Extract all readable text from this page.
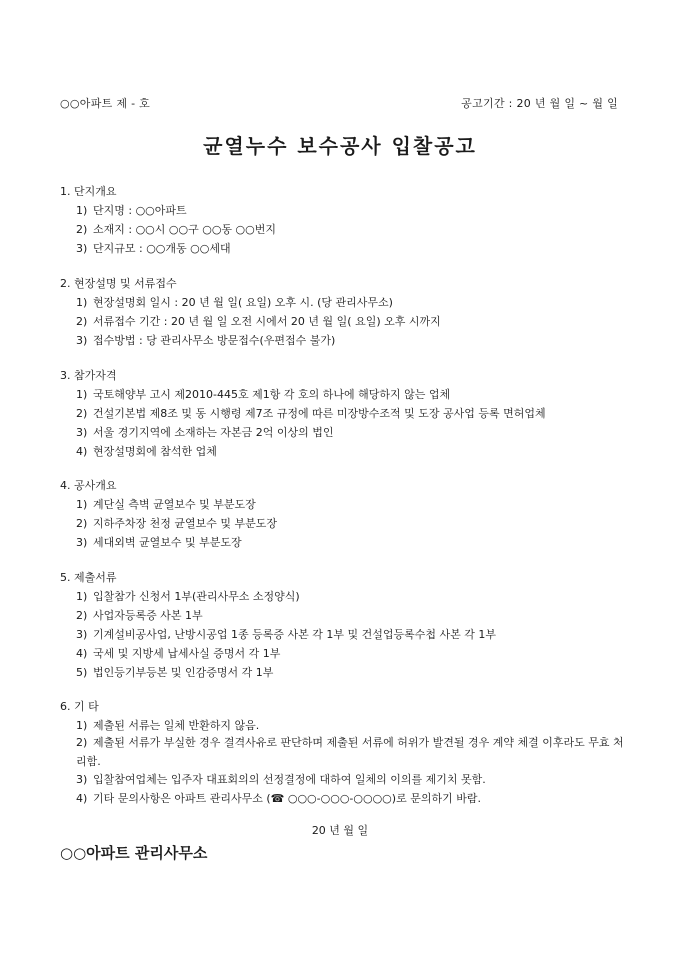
○○아파트 제 - 호	공고기간 : 20 년 월 일 ~ 월 일
균열누수 보수공사 입찰공고
1. 단지개요
1) 단지명 : ○○아파트
2) 소재지 : ○○시 ○○구 ○○동 ○○번지
3) 단지규모 : ○○개동 ○○세대
2. 현장설명 및 서류접수
1) 현장설명회 일시 : 20 년 월 일( 요일) 오후 시. (당 관리사무소)
2) 서류접수 기간 : 20 년 월 일 오전 시에서 20 년 월 일( 요일) 오후 시까지
3) 접수방법 : 당 관리사무소 방문접수(우편접수 불가)
3. 참가자격
1) 국토해양부 고시 제2010-445호 제1항 각 호의 하나에 해당하지 않는 업체
2) 건설기본법 제8조 및 동 시행령 제7조 규정에 따른 미장방수조적 및 도장 공사업 등록 면허업체
3) 서울 경기지역에 소재하는 자본금 2억 이상의 법인
4) 현장설명회에 참석한 업체
4. 공사개요
1) 계단실 측벽 균열보수 및 부분도장
2) 지하주차장 천정 균열보수 및 부분도장
3) 세대외벽 균열보수 및 부분도장
5. 제출서류
1) 입찰참가 신청서 1부(관리사무소 소정양식)
2) 사업자등록증 사본 1부
3) 기계설비공사업, 난방시공업 1종 등록증 사본 각 1부 및 건설업등록수첩 사본 각 1부
4) 국세 및 지방세 납세사실 증명서 각 1부
5) 법인등기부등본 및 인감증명서 각 1부
6. 기 타
1) 제출된 서류는 일체 반환하지 않음.
2) 제출된 서류가 부실한 경우 결격사유로 판단하며 제출된 서류에 허위가 발견될 경우 계약 체결 이후라도 무효 처리함.
3) 입찰참여업체는 입주자 대표회의의 선정결정에 대하여 일체의 이의를 제기치 못함.
4) 기타 문의사항은 아파트 관리사무소 (☎ ○○○-○○○-○○○○)로 문의하기 바람.
20 년 월 일
○○아파트 관리사무소
